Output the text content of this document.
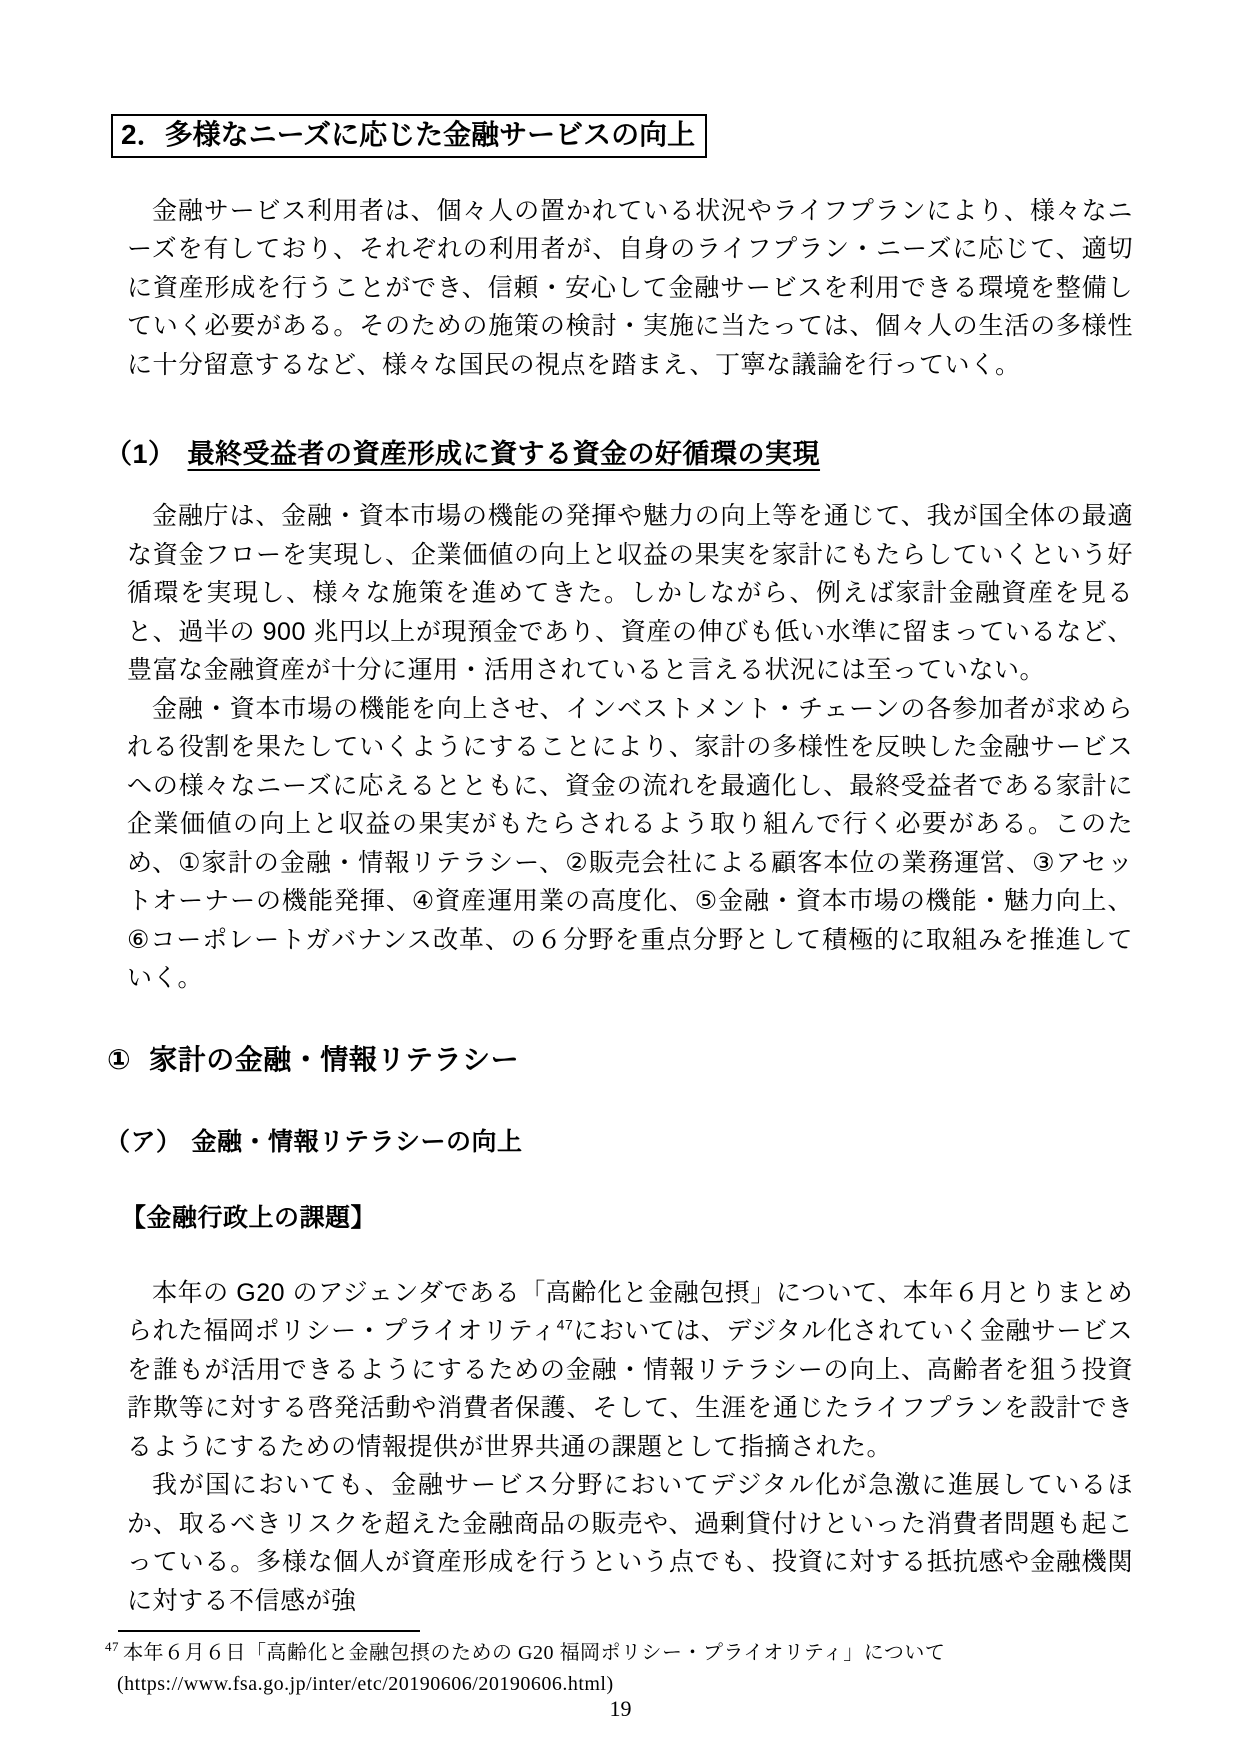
2．多様なニーズに応じた金融サービスの向上

金融サービス利用者は、個々人の置かれている状況やライフプランにより、様々なニーズを有しており、それぞれの利用者が、自身のライフプラン・ニーズに応じて、適切に資産形成を行うことができ、信頼・安心して金融サービスを利用できる環境を整備していく必要がある。そのための施策の検討・実施に当たっては、個々人の生活の多様性に十分留意するなど、様々な国民の視点を踏まえ、丁寧な議論を行っていく。

（1） 最終受益者の資産形成に資する資金の好循環の実現

金融庁は、金融・資本市場の機能の発揮や魅力の向上等を通じて、我が国全体の最適な資金フローを実現し、企業価値の向上と収益の果実を家計にもたらしていくという好循環を実現し、様々な施策を進めてきた。しかしながら、例えば家計金融資産を見ると、過半の 900 兆円以上が現預金であり、資産の伸びも低い水準に留まっているなど、豊富な金融資産が十分に運用・活用されていると言える状況には至っていない。

金融・資本市場の機能を向上させ、インベストメント・チェーンの各参加者が求められる役割を果たしていくようにすることにより、家計の多様性を反映した金融サービスへの様々なニーズに応えるとともに、資金の流れを最適化し、最終受益者である家計に企業価値の向上と収益の果実がもたらされるよう取り組んで行く必要がある。このため、①家計の金融・情報リテラシー、②販売会社による顧客本位の業務運営、③アセットオーナーの機能発揮、④資産運用業の高度化、⑤金融・資本市場の機能・魅力向上、⑥コーポレートガバナンス改革、の６分野を重点分野として積極的に取組みを推進していく。

① 家計の金融・情報リテラシー
（ア） 金融・情報リテラシーの向上
【金融行政上の課題】

本年の G20 のアジェンダである「高齢化と金融包摂」について、本年６月とりまとめられた福岡ポリシー・プライオリティ$^{47}$においては、デジタル化されていく金融サービスを誰もが活用できるようにするための金融・情報リテラシーの向上、高齢者を狙う投資詐欺等に対する啓発活動や消費者保護、そして、生涯を通じたライフプランを設計できるようにするための情報提供が世界共通の課題として指摘された。

我が国においても、金融サービス分野においてデジタル化が急激に進展しているほか、取るべきリスクを超えた金融商品の販売や、過剰貸付けといった消費者問題も起こっている。多様な個人が資産形成を行うという点でも、投資に対する抵抗感や金融機関に対する不信感が強

$^{47}$ 本年６月６日「高齢化と金融包摂のための G20 福岡ポリシー・プライオリティ」について
(https://www.fsa.go.jp/inter/etc/20190606/20190606.html)
19
